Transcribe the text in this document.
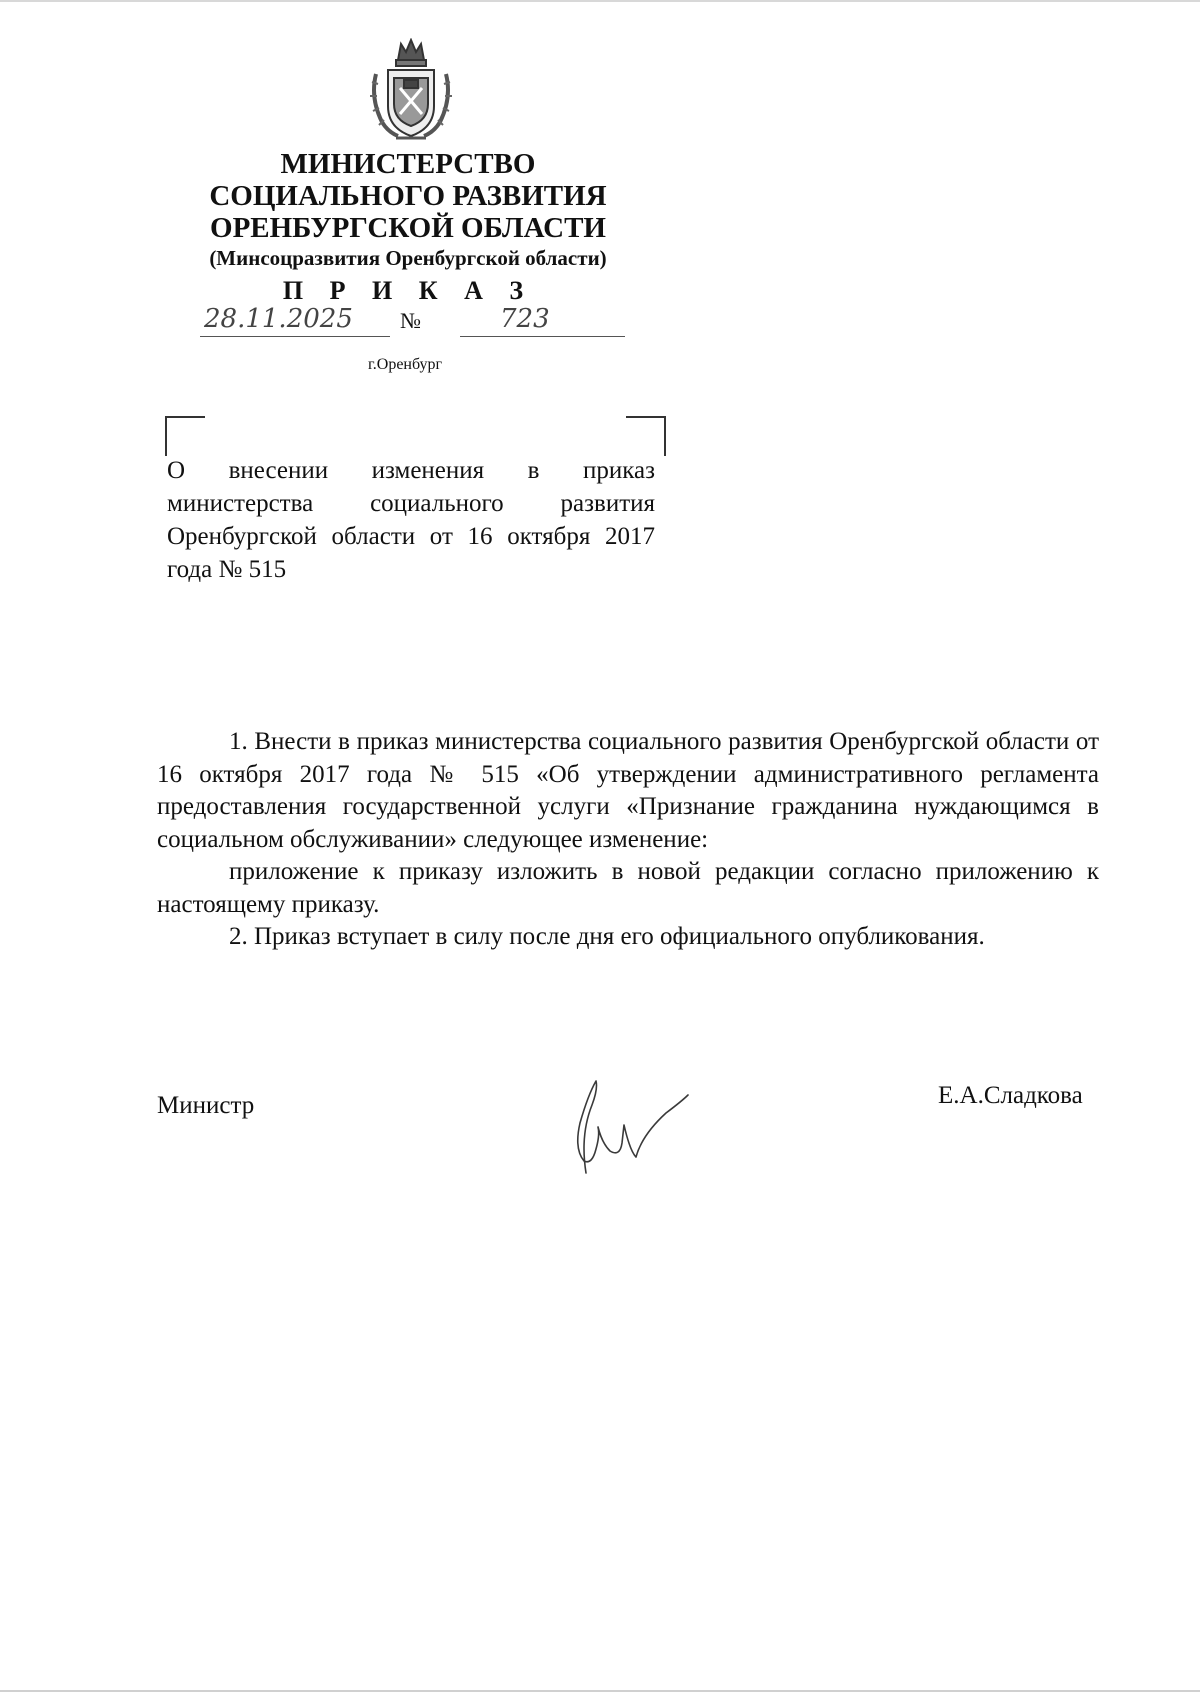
МИНИСТЕРСТВО
СОЦИАЛЬНОГО РАЗВИТИЯ
ОРЕНБУРГСКОЙ ОБЛАСТИ
(Минсоцразвития Оренбургской области)
П Р И К А З
28.11.2025 №	723
г.Оренбург
О внесении изменения в приказ министерства социального развития Оренбургской области от 16 октября 2017 года № 515

1. Внести в приказ министерства социального развития Оренбургской области от 16 октября 2017 года № 515 «Об утверждении административного регламента предоставления государственной услуги «Признание гражданина нуждающимся в социальном обслуживании» следующее изменение:

приложение к приказу изложить в новой редакции согласно приложению к настоящему приказу.

2. Приказ вступает в силу после дня его официального опубликования.

Министр	Е.А.Сладкова
